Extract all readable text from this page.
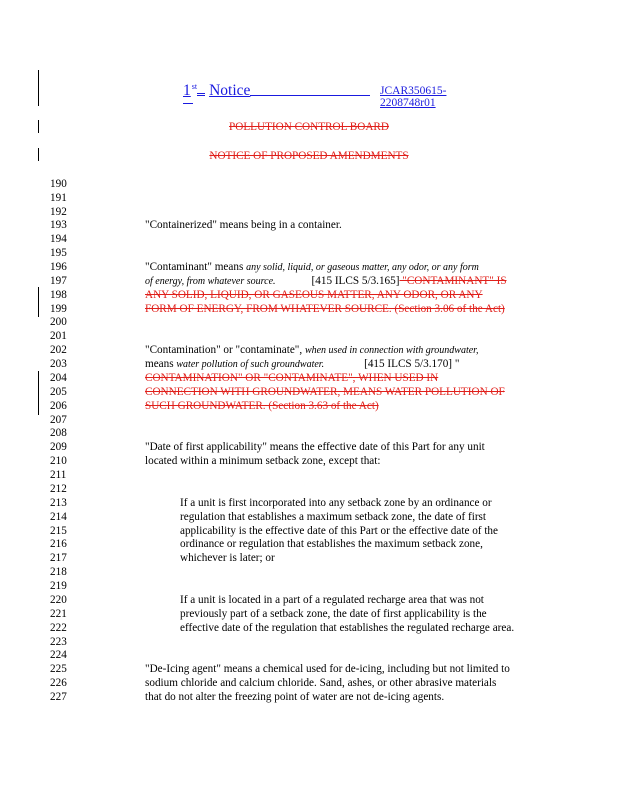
1st Notice	JCAR350615-2208748r01
POLLUTION CONTROL BOARD
NOTICE OF PROPOSED AMENDMENTS
190
191
192
193
194
195
196
197
198
199
200
201
202
203
204
205
206
207
208
209
210
211
212
213
214
215
216
217
218
219
220
221
222
223
224
225
226
227
"Containerized" means being in a container.
"Contaminant" means any solid, liquid, or gaseous matter, any odor, or any form
of energy, from whatever source.	[415 ILCS 5/3.165] "CONTAMINANT" IS
ANY SOLID, LIQUID, OR GASEOUS MATTER, ANY ODOR, OR ANY
FORM OF ENERGY, FROM WHATEVER SOURCE. (Section 3.06 of the Act)
"Contamination" or "contaminate", when used in connection with groundwater,
means water pollution of such groundwater.	[415 ILCS 5/3.170] "
CONTAMINATION" OR "CONTAMINATE", WHEN USED IN
CONNECTION WITH GROUNDWATER, MEANS WATER POLLUTION OF
SUCH GROUNDWATER. (Section 3.63 of the Act)
"Date of first applicability" means the effective date of this Part for any unit
located within a minimum setback zone, except that:
If a unit is first incorporated into any setback zone by an ordinance or
regulation that establishes a maximum setback zone, the date of first
applicability is the effective date of this Part or the effective date of the
ordinance or regulation that establishes the maximum setback zone,
whichever is later; or
If a unit is located in a part of a regulated recharge area that was not
previously part of a setback zone, the date of first applicability is the
effective date of the regulation that establishes the regulated recharge area.
"De-Icing agent" means a chemical used for de-icing, including but not limited to
sodium chloride and calcium chloride. Sand, ashes, or other abrasive materials
that do not alter the freezing point of water are not de-icing agents.
